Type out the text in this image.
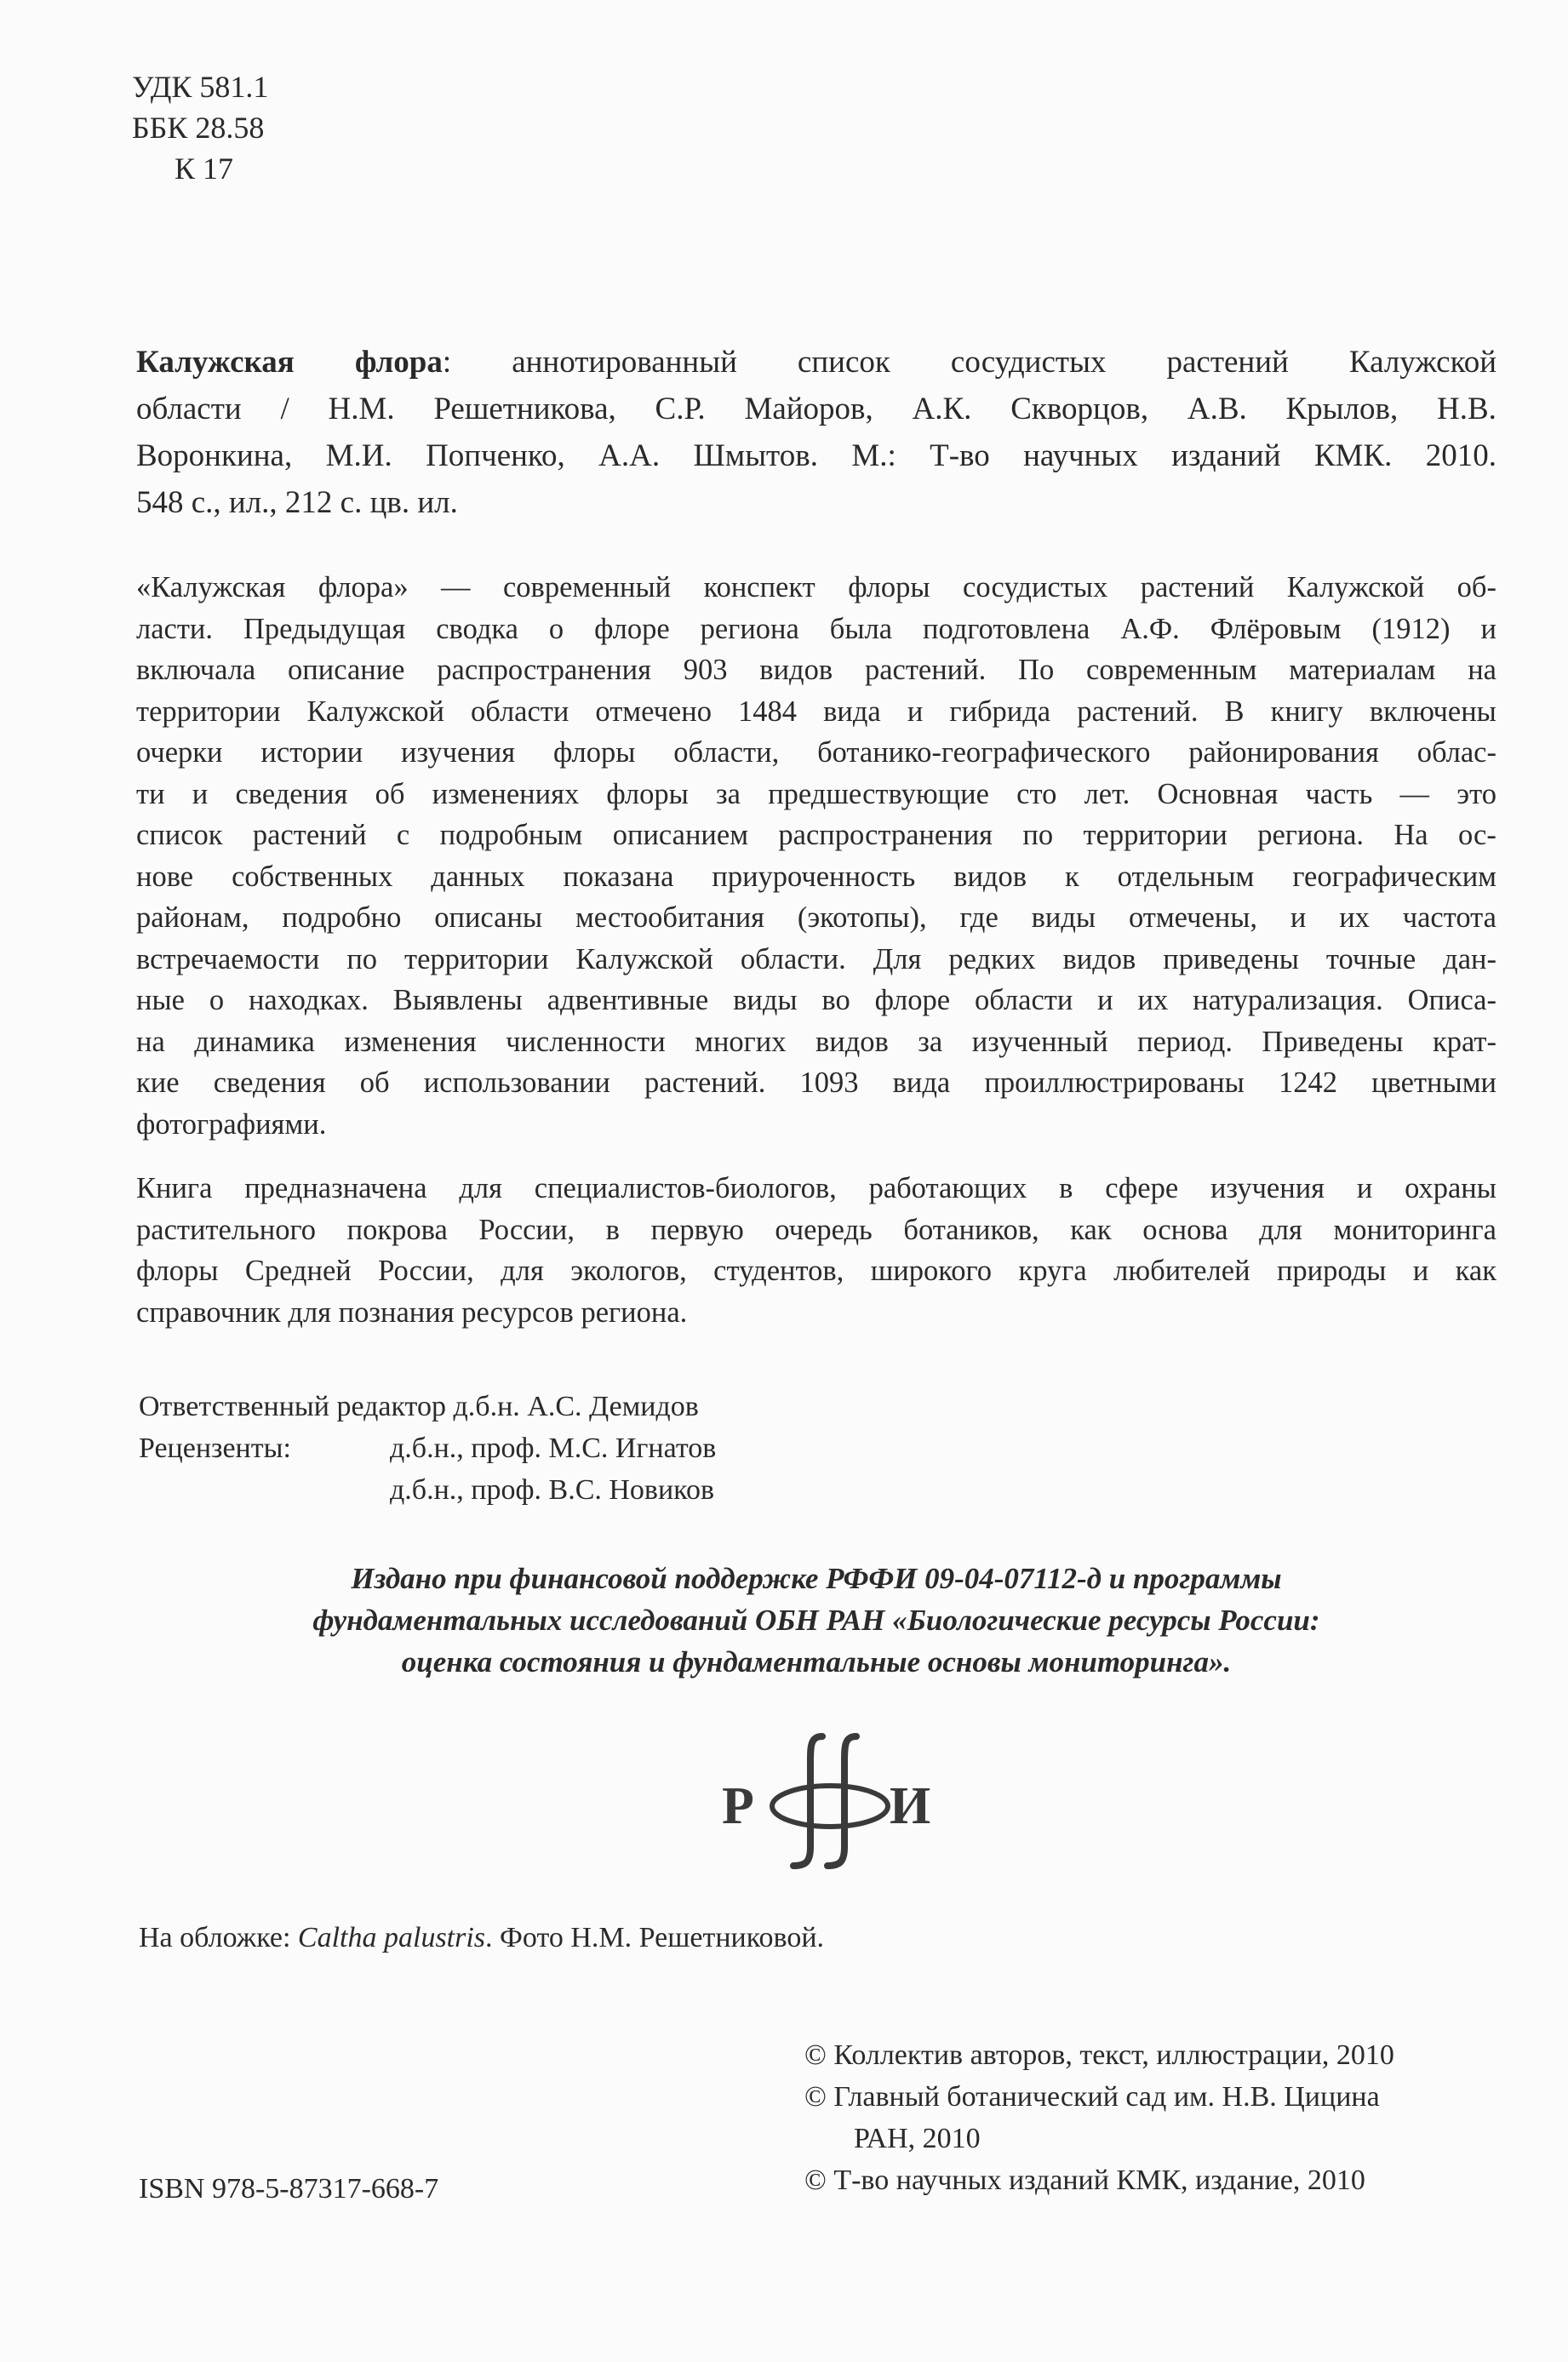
УДК 581.1
ББК 28.58
К 17
Калужская флора: аннотированный список сосудистых растений Калужской
области / Н.М. Решетникова, С.Р. Майоров, А.К. Скворцов, А.В. Крылов, Н.В.
Воронкина, М.И. Попченко, А.А. Шмытов. М.: Т-во научных изданий КМК. 2010.
548 с., ил., 212 с. цв. ил.
«Калужская флора» — современный конспект флоры сосудистых растений Калужской об-
ласти. Предыдущая сводка о флоре региона была подготовлена А.Ф. Флёровым (1912) и
включала описание распространения 903 видов растений. По современным материалам на
территории Калужской области отмечено 1484 вида и гибрида растений. В книгу включены
очерки истории изучения флоры области, ботанико-географического районирования облас-
ти и сведения об изменениях флоры за предшествующие сто лет. Основная часть — это
список растений с подробным описанием распространения по территории региона. На ос-
нове собственных данных показана приуроченность видов к отдельным географическим
районам, подробно описаны местообитания (экотопы), где виды отмечены, и их частота
встречаемости по территории Калужской области. Для редких видов приведены точные дан-
ные о находках. Выявлены адвентивные виды во флоре области и их натурализация. Описа-
на динамика изменения численности многих видов за изученный период. Приведены крат-
кие сведения об использовании растений. 1093 вида проиллюстрированы 1242 цветными
фотографиями.
Книга предназначена для специалистов-биологов, работающих в сфере изучения и охраны
растительного покрова России, в первую очередь ботаников, как основа для мониторинга
флоры Средней России, для экологов, студентов, широкого круга любителей природы и как
справочник для познания ресурсов региона.
Ответственный редактор д.б.н. А.С. Демидов
Рецензенты:	д.б.н., проф. М.С. Игнатов
д.б.н., проф. В.С. Новиков
Издано при финансовой поддержке РФФИ 09-04-07112-д и программы
фундаментальных исследований ОБН РАН «Биологические ресурсы России:
оценка состояния и фундаментальные основы мониторинга».
Р	И
На обложке: Caltha palustris. Фото Н.М. Решетниковой.
© Коллектив авторов, текст, иллюстрации, 2010
© Главный ботанический сад им. Н.В. Цицина
РАН, 2010
© Т-во научных изданий КМК, издание, 2010
ISBN 978-5-87317-668-7
